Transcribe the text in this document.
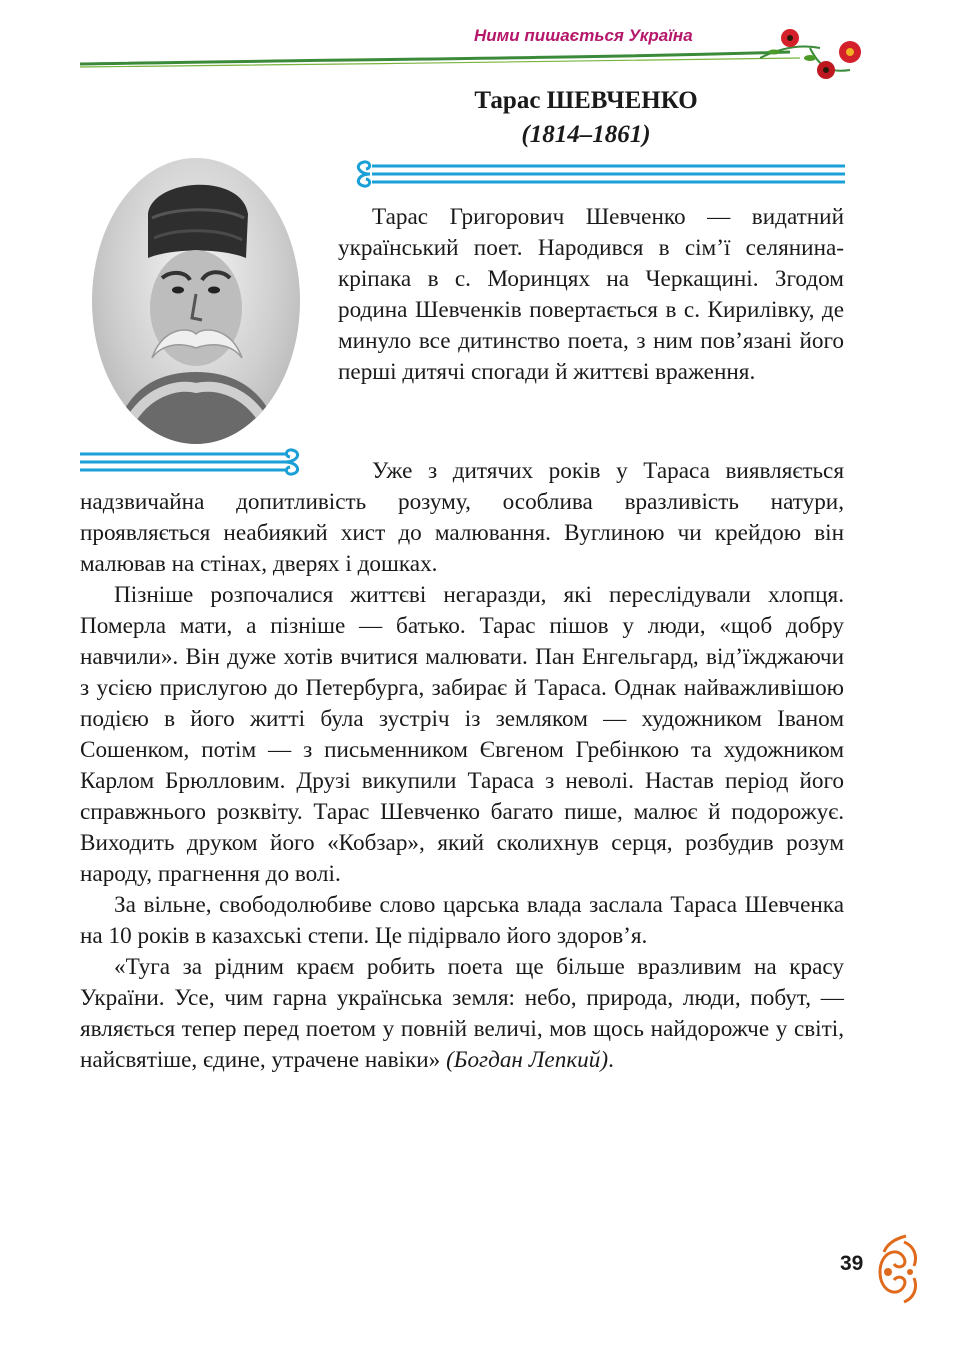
Ними пишається Україна
Тарас ШЕВЧЕНКО
(1814–1861)

Тарас Григорович Шевченко — видатний український поет. Народився в сім’ї селянина-кріпака в с. Моринцях на Черкащині. Згодом родина Шевченків повертається в с. Кирилівку, де минуло все дитинство поета, з ним пов’язані його перші дитячі спогади й життєві враження.

Уже з дитячих років у Тараса виявляється надзвичайна допитливість розуму, особлива вразливість натури, проявляється неабиякий хист до малювання. Вуглиною чи крейдою він малював на стінах, дверях і дошках.

Пізніше розпочалися життєві негаразди, які переслідували хлопця. Померла мати, а пізніше — батько. Тарас пішов у люди, «щоб добру навчили». Він дуже хотів вчитися малювати. Пан Енгельгард, від’їжджаючи з усією прислугою до Петербурга, забирає й Тараса. Однак найважливішою подією в його житті була зустріч із земляком — художником Іваном Сошенком, потім — з письменником Євгеном Гребінкою та художником Карлом Брюлловим. Друзі викупили Тараса з неволі. Настав період його справжнього розквіту. Тарас Шевченко багато пише, малює й подорожує. Виходить друком його «Кобзар», який сколихнув серця, розбудив розум народу, прагнення до волі.

За вільне, свободолюбиве слово царська влада заслала Тараса Шевченка на 10 років в казахські степи. Це підірвало його здоров’я.

«Туга за рідним краєм робить поета ще більше вразливим на красу України. Усе, чим гарна українська земля: небо, природа, люди, побут, — являється тепер перед поетом у повній величі, мов щось найдорожче у світі, найсвятіше, єдине, утрачене навіки» (Богдан Лепкий).

39
